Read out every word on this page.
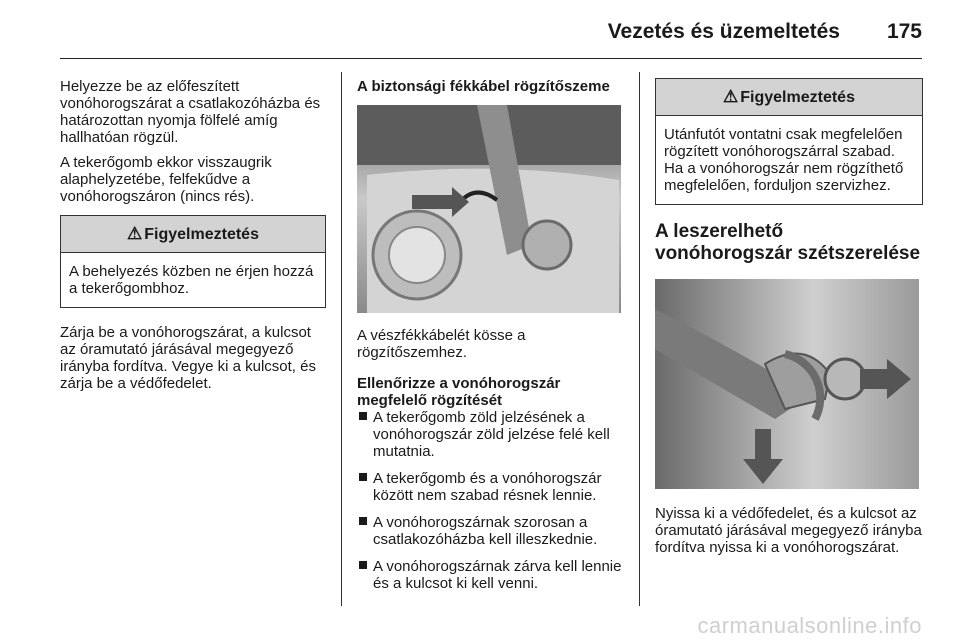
Vezetés és üzemeltetés 175

Helyezze be az előfeszített vonóhorogszárat a csatlakozóházba és határozottan nyomja fölfelé amíg hallhatóan rögzül.

A tekerőgomb ekkor visszaugrik alaphelyzetébe, felfekűdve a vonóhorogszáron (nincs rés).

⚠ Figyelmeztetés
A behelyezés közben ne érjen hozzá a tekerőgombhoz.

Zárja be a vonóhorogszárat, a kulcsot az óramutató járásával megegyező irányba fordítva. Vegye ki a kulcsot, és zárja be a védőfedelet.

A biztonsági fékkábel rögzítőszeme

A vészfékkábelét kösse a rögzítőszemhez.

Ellenőrizze a vonóhorogszár megfelelő rögzítését

A tekerőgomb zöld jelzésének a vonóhorogszár zöld jelzése felé kell mutatnia.
A tekerőgomb és a vonóhorogszár között nem szabad résnek lennie.
A vonóhorogszárnak szorosan a csatlakozóházba kell illeszkednie.
A vonóhorogszárnak zárva kell lennie és a kulcsot ki kell venni.
⚠ Figyelmeztetés
Utánfutót vontatni csak megfelelően rögzített vonóhorogszárral szabad. Ha a vonóhorogszár nem rögzíthető megfelelően, forduljon szervizhez.
A leszerelhető vonóhorogszár szétszerelése

Nyissa ki a védőfedelet, és a kulcsot az óramutató járásával megegyező irányba fordítva nyissa ki a vonóhorogszárat.

carmanualsonline.info
